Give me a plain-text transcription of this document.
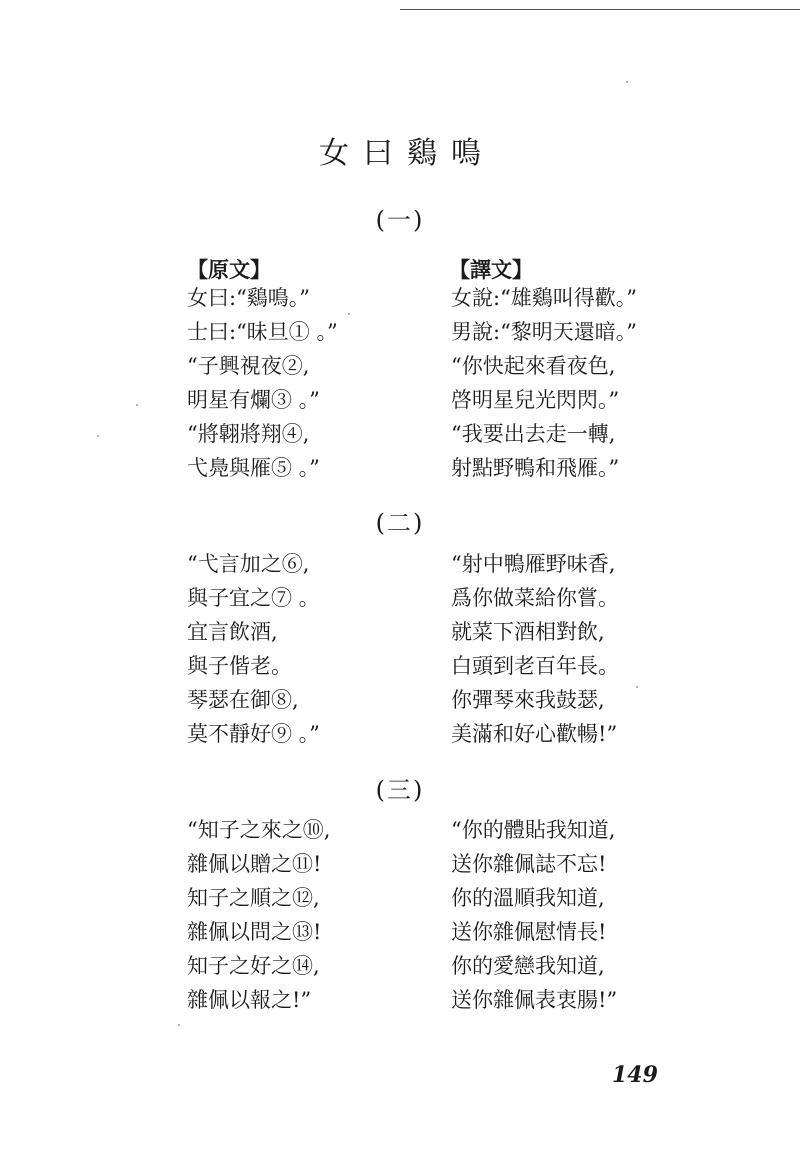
女曰鷄鳴
(一)
【原文】	【譯文】
女曰:“鷄鳴。”
士曰:“昧旦① 。”
“子興視夜②,
明星有爛③ 。”
“將翺將翔④,
弋鳧與雁⑤ 。”
女說:“雄鷄叫得歡。”
男說:“黎明天還暗。”
“你快起來看夜色,
啓明星兒光閃閃。”
“我要出去走一轉,
射點野鴨和飛雁。”
(二)
“弋言加之⑥,
與子宜之⑦ 。
宜言飲酒,
與子偕老。
琴瑟在御⑧,
莫不靜好⑨ 。”
“射中鴨雁野味香,
爲你做菜給你嘗。
就菜下酒相對飲,
白頭到老百年長。
你彈琴來我鼓瑟,
美滿和好心歡暢!”
(三)
“知子之來之⑩,
雜佩以贈之⑪!
知子之順之⑫,
雜佩以問之⑬!
知子之好之⑭,
雜佩以報之!”
“你的體貼我知道,
送你雜佩誌不忘!
你的溫順我知道,
送你雜佩慰情長!
你的愛戀我知道,
送你雜佩表衷腸!”
149
